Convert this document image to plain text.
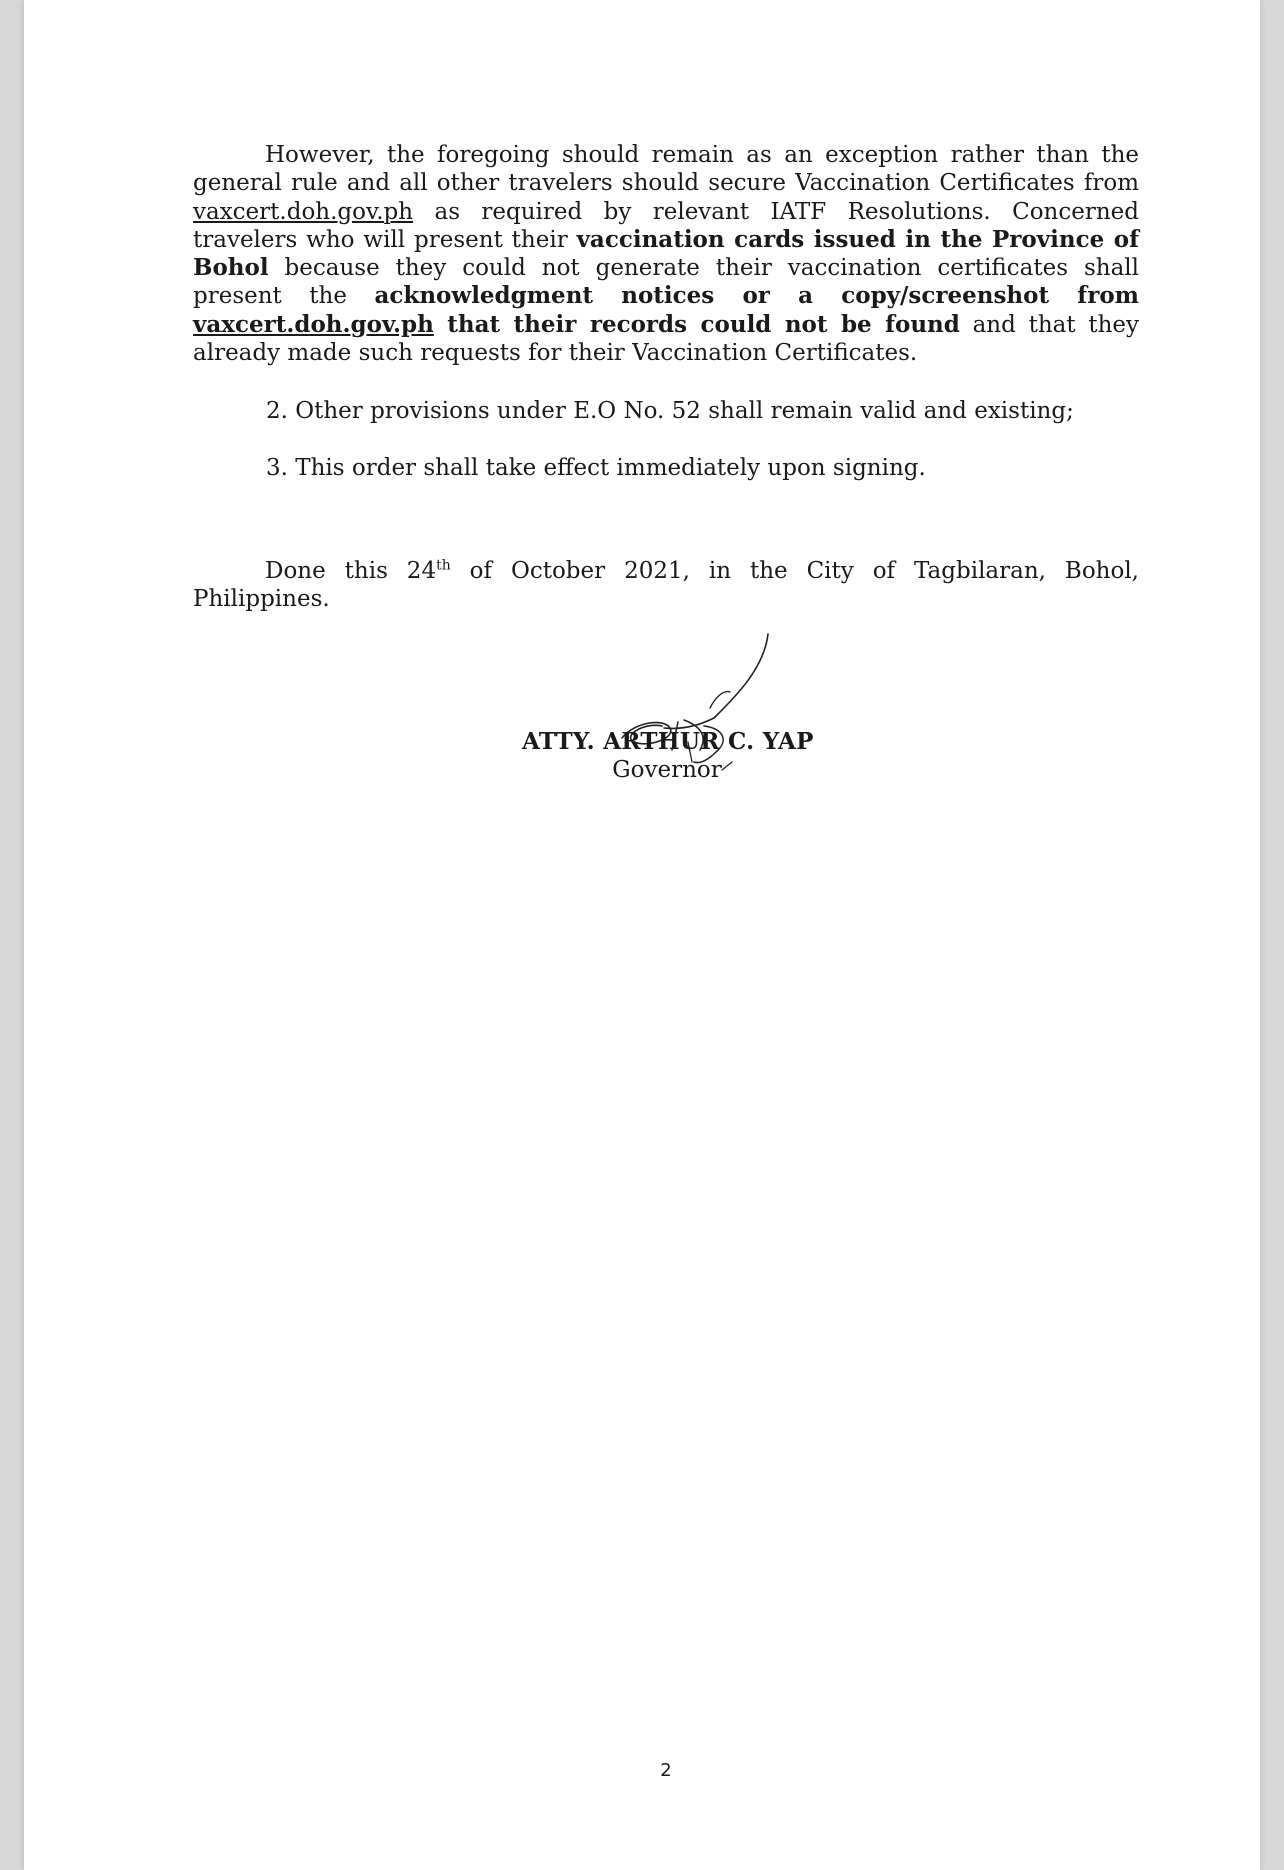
However, the foregoing should remain as an exception rather than the general rule and all other travelers should secure Vaccination Certificates from vaxcert.doh.gov.ph as required by relevant IATF Resolutions. Concerned travelers who will present their vaccination cards issued in the Province of Bohol because they could not generate their vaccination certificates shall present the acknowledgment notices or a copy/screenshot from vaxcert.doh.gov.ph that their records could not be found and that they already made such requests for their Vaccination Certificates.

2. Other provisions under E.O No. 52 shall remain valid and existing;
3. This order shall take effect immediately upon signing.

Done this 24th of October 2021, in the City of Tagbilaran, Bohol, Philippines.

ATTY. ARTHUR C. YAP
Governor
2
